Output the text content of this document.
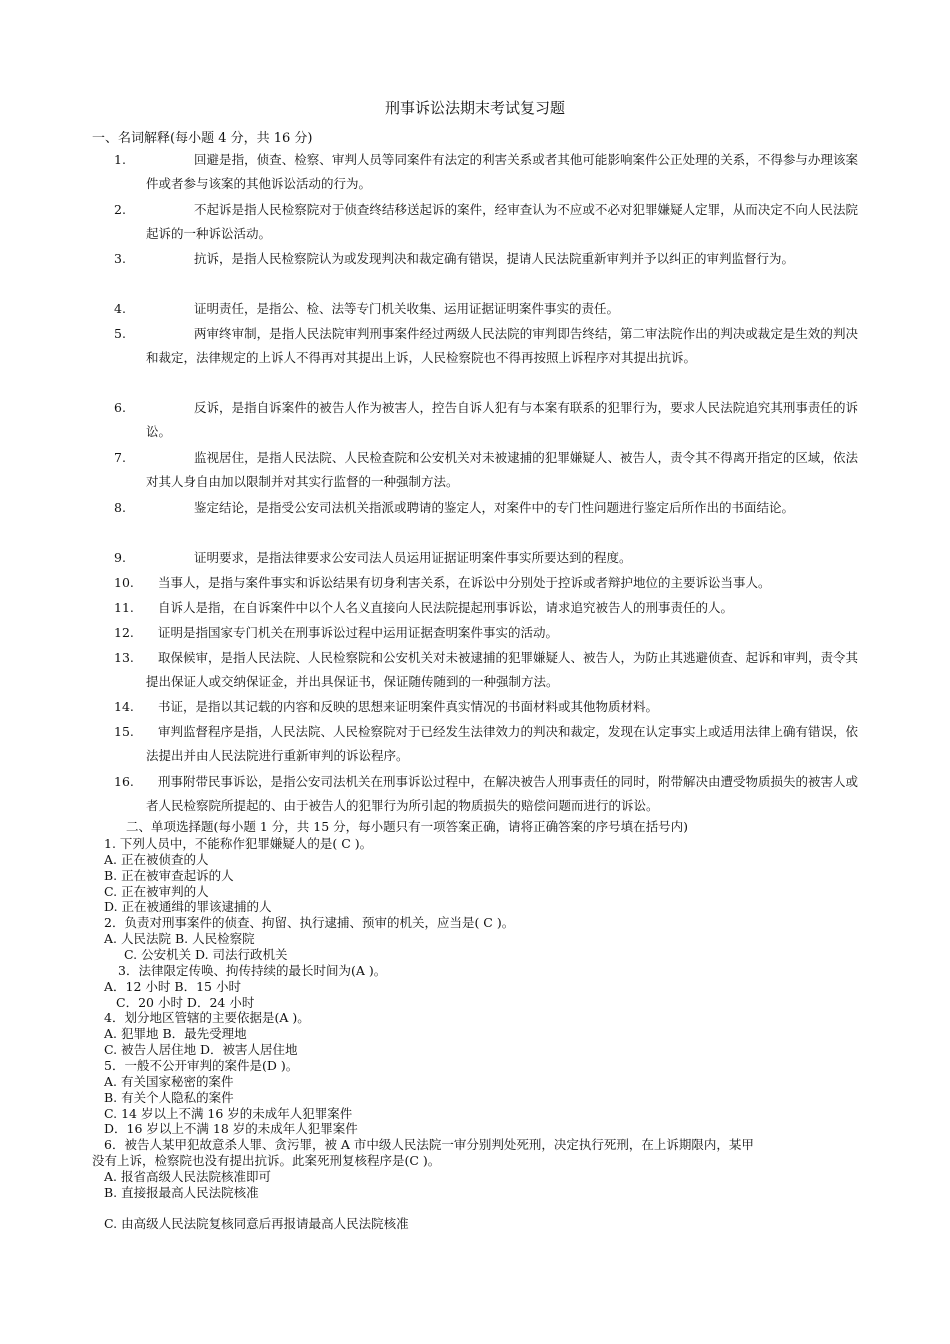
刑事诉讼法期末考试复习题
一、名词解释(每小题 4 分，共 16 分)
1.	回避是指，侦查、检察、审判人员等同案件有法定的利害关系或者其他可能影响案件公正处理的关系，不得参与办理该案件或者参与该案的其他诉讼活动的行为。
2.	不起诉是指人民检察院对于侦查终结移送起诉的案件，经审查认为不应或不必对犯罪嫌疑人定罪，从而决定不向人民法院起诉的一种诉讼活动。
3.	抗诉，是指人民检察院认为或发现判决和裁定确有错误，提请人民法院重新审判并予以纠正的审判监督行为。
4.	证明责任，是指公、检、法等专门机关收集、运用证据证明案件事实的责任。
5.	两审终审制，是指人民法院审判刑事案件经过两级人民法院的审判即告终结，第二审法院作出的判决或裁定是生效的判决和裁定，法律规定的上诉人不得再对其提出上诉，人民检察院也不得再按照上诉程序对其提出抗诉。
6.	反诉，是指自诉案件的被告人作为被害人，控告自诉人犯有与本案有联系的犯罪行为，要求人民法院追究其刑事责任的诉讼。
7.	监视居住，是指人民法院、人民检查院和公安机关对未被逮捕的犯罪嫌疑人、被告人，责令其不得离开指定的区域，依法对其人身自由加以限制并对其实行监督的一种强制方法。
8.	鉴定结论，是指受公安司法机关指派或聘请的鉴定人，对案件中的专门性问题进行鉴定后所作出的书面结论。
9.	证明要求，是指法律要求公安司法人员运用证据证明案件事实所要达到的程度。
10.	当事人，是指与案件事实和诉讼结果有切身利害关系，在诉讼中分别处于控诉或者辩护地位的主要诉讼当事人。
11.	自诉人是指，在自诉案件中以个人名义直接向人民法院提起刑事诉讼，请求追究被告人的刑事责任的人。
12.	证明是指国家专门机关在刑事诉讼过程中运用证据查明案件事实的活动。
13.	取保候审，是指人民法院、人民检察院和公安机关对未被逮捕的犯罪嫌疑人、被告人，为防止其逃避侦查、起诉和审判，责令其提出保证人或交纳保证金，并出具保证书，保证随传随到的一种强制方法。
14.	书证，是指以其记载的内容和反映的思想来证明案件真实情况的书面材料或其他物质材料。
15.	审判监督程序是指，人民法院、人民检察院对于已经发生法律效力的判决和裁定，发现在认定事实上或适用法律上确有错误，依法提出并由人民法院进行重新审判的诉讼程序。
16.	刑事附带民事诉讼，是指公安司法机关在刑事诉讼过程中，在解决被告人刑事责任的同时，附带解决由遭受物质损失的被害人或者人民检察院所提起的、由于被告人的犯罪行为所引起的物质损失的赔偿问题而进行的诉讼。
二、单项选择题(每小题 1 分，共 15 分，每小题只有一项答案正确，请将正确答案的序号填在括号内)
1. 下列人员中，不能称作犯罪嫌疑人的是( C )。
A. 正在被侦查的人
B. 正在被审查起诉的人
C. 正在被审判的人
D. 正在被通缉的罪该逮捕的人
2．负责对刑事案件的侦查、拘留、执行逮捕、预审的机关，应当是( C )。
A. 人民法院 B. 人民检察院
C. 公安机关 D. 司法行政机关
3．法律限定传唤、拘传持续的最长时间为(A )。
A．12 小时 B．15 小时
C．20 小时 D．24 小时
4．划分地区管辖的主要依据是(A )。
A. 犯罪地 B．最先受理地
C. 被告人居住地 D．被害人居住地
5．一般不公开审判的案件是(D )。
A. 有关国家秘密的案件
B. 有关个人隐私的案件
C. 14 岁以上不满 16 岁的未成年人犯罪案件
D．16 岁以上不满 18 岁的未成年人犯罪案件
6．被告人某甲犯故意杀人罪、贪污罪，被 A 市中级人民法院一审分别判处死刑，决定执行死刑，在上诉期限内，某甲
没有上诉，检察院也没有提出抗诉。此案死刑复核程序是(C )。
A. 报省高级人民法院核准即可
B. 直接报最高人民法院核准
C. 由高级人民法院复核同意后再报请最高人民法院核准
